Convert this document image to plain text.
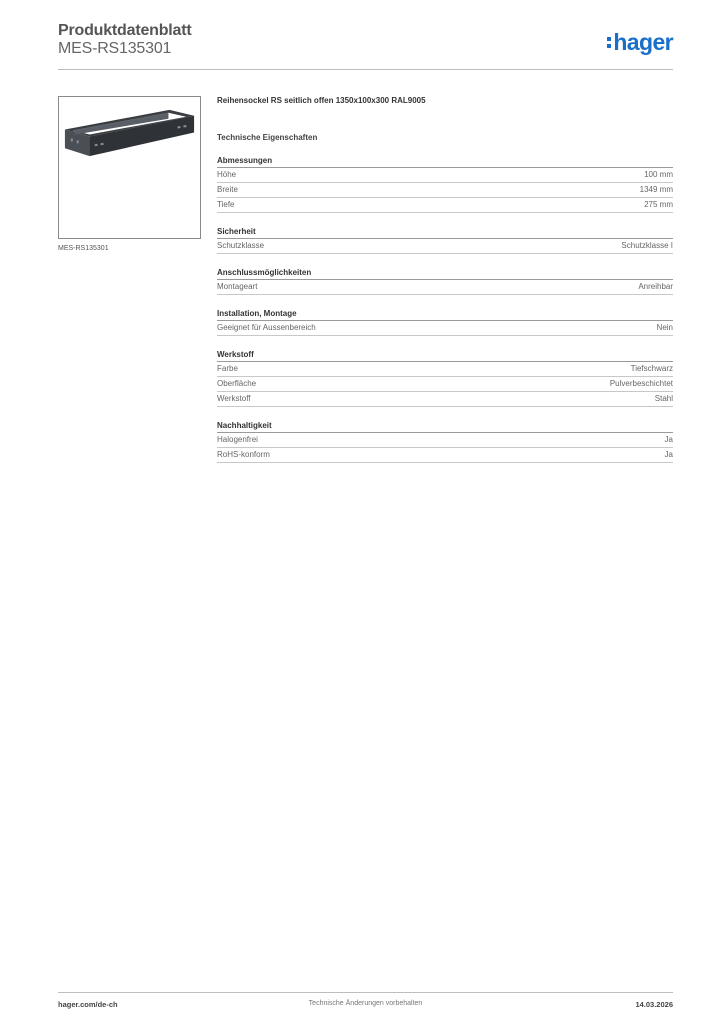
Produktdatenblatt
MES-RS135301	hager
MES-RS135301
Reihensockel RS seitlich offen 1350x100x300 RAL9005
Technische Eigenschaften
Abmessungen
Höhe	100 mm
Breite	1349 mm
Tiefe	275 mm
Sicherheit
Schutzklasse	Schutzklasse I
Anschlussmöglichkeiten
Montageart	Anreihbar
Installation, Montage
Geeignet für Aussenbereich	Nein
Werkstoff
Farbe	Tiefschwarz
Oberfläche	Pulverbeschichtet
Werkstoff	Stahl
Nachhaltigkeit
Halogenfrei	Ja
RoHS-konform	Ja
hager.com/de-ch	Technische Änderungen vorbehalten	14.03.2026
